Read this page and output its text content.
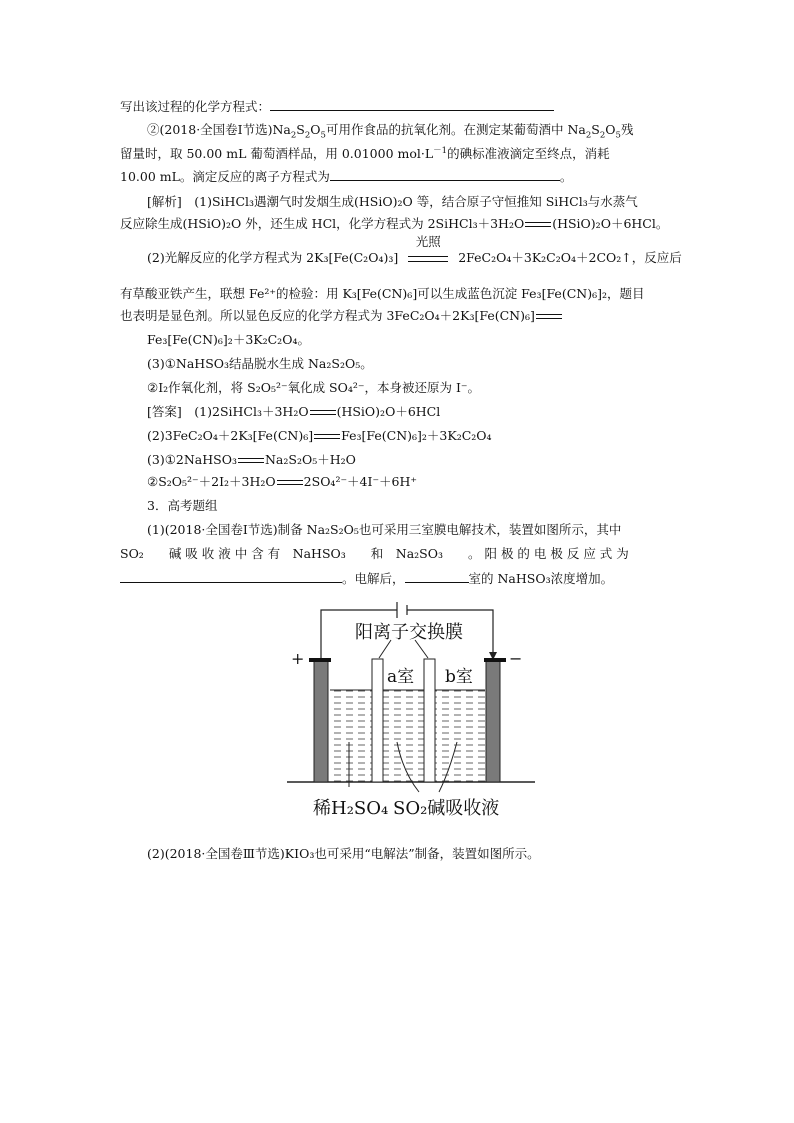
写出该过程的化学方程式：
②(2018·全国卷Ⅰ节选)$Na_2S_2O_5$可用作食品的抗氧化剂。在测定某葡萄酒中 $Na_2S_2O_5$残
留量时，取 50.00 mL 葡萄酒样品，用 0.01000 $mol\cdot L^{-1}$的碘标准液滴定至终点，消耗
10.00 mL。滴定反应的离子方程式为	。
[解析]　 (1)SiHCl₃遇潮气时发烟生成(HSiO)₂O 等，结合原子守恒推知 SiHCl₃与水蒸气
反应除生成(HSiO)₂O 外，还生成 HCl，化学方程式为 2SiHCl₃＋3H₂O (HSiO)₂O＋6HCl。
(2)光解反应的化学方程式为 2K₃[Fe(C₂O₄)₃]
光照
2FeC₂O₄＋3K₂C₂O₄＋2CO₂↑，反应后
有草酸亚铁产生，联想 Fe²⁺的检验：用 K₃[Fe(CN)₆]可以生成蓝色沉淀 Fe₃[Fe(CN)₆]₂，题目
也表明是显色剂。所以显色反应的化学方程式为 3FeC₂O₄＋2K₃[Fe(CN)₆]
Fe₃[Fe(CN)₆]₂＋3K₂C₂O₄。
(3)①NaHSO₃结晶脱水生成 Na₂S₂O₅。
②I₂作氧化剂，将 S₂O₅²⁻氧化成 SO₄²⁻，本身被还原为 I⁻。
[答案]　 (1)2SiHCl₃＋3H₂O (HSiO)₂O＋6HCl
(2)3FeC₂O₄＋2K₃[Fe(CN)₆] Fe₃[Fe(CN)₆]₂＋3K₂C₂O₄
(3)①2NaHSO₃ Na₂S₂O₅＋H₂O
②S₂O₅²⁻＋2I₂＋3H₂O 2SO₄²⁻＋4I⁻＋6H⁺
3．高考题组
(1)(2018·全国卷Ⅰ节选)制备 Na₂S₂O₅也可采用三室膜电解技术，装置如图所示，其中
SO₂　　碱 吸 收 液 中 含 有　NaHSO₃　　和　Na₂SO₃　　。 阳 极 的 电 极 反 应 式 为
。电解后，	室的 NaHSO₃浓度增加。
阳离子交换膜
a室 b室
+	−
稀H₂SO₄ SO₂碱吸收液
(2)(2018·全国卷Ⅲ节选)KIO₃也可采用“电解法”制备，装置如图所示。
